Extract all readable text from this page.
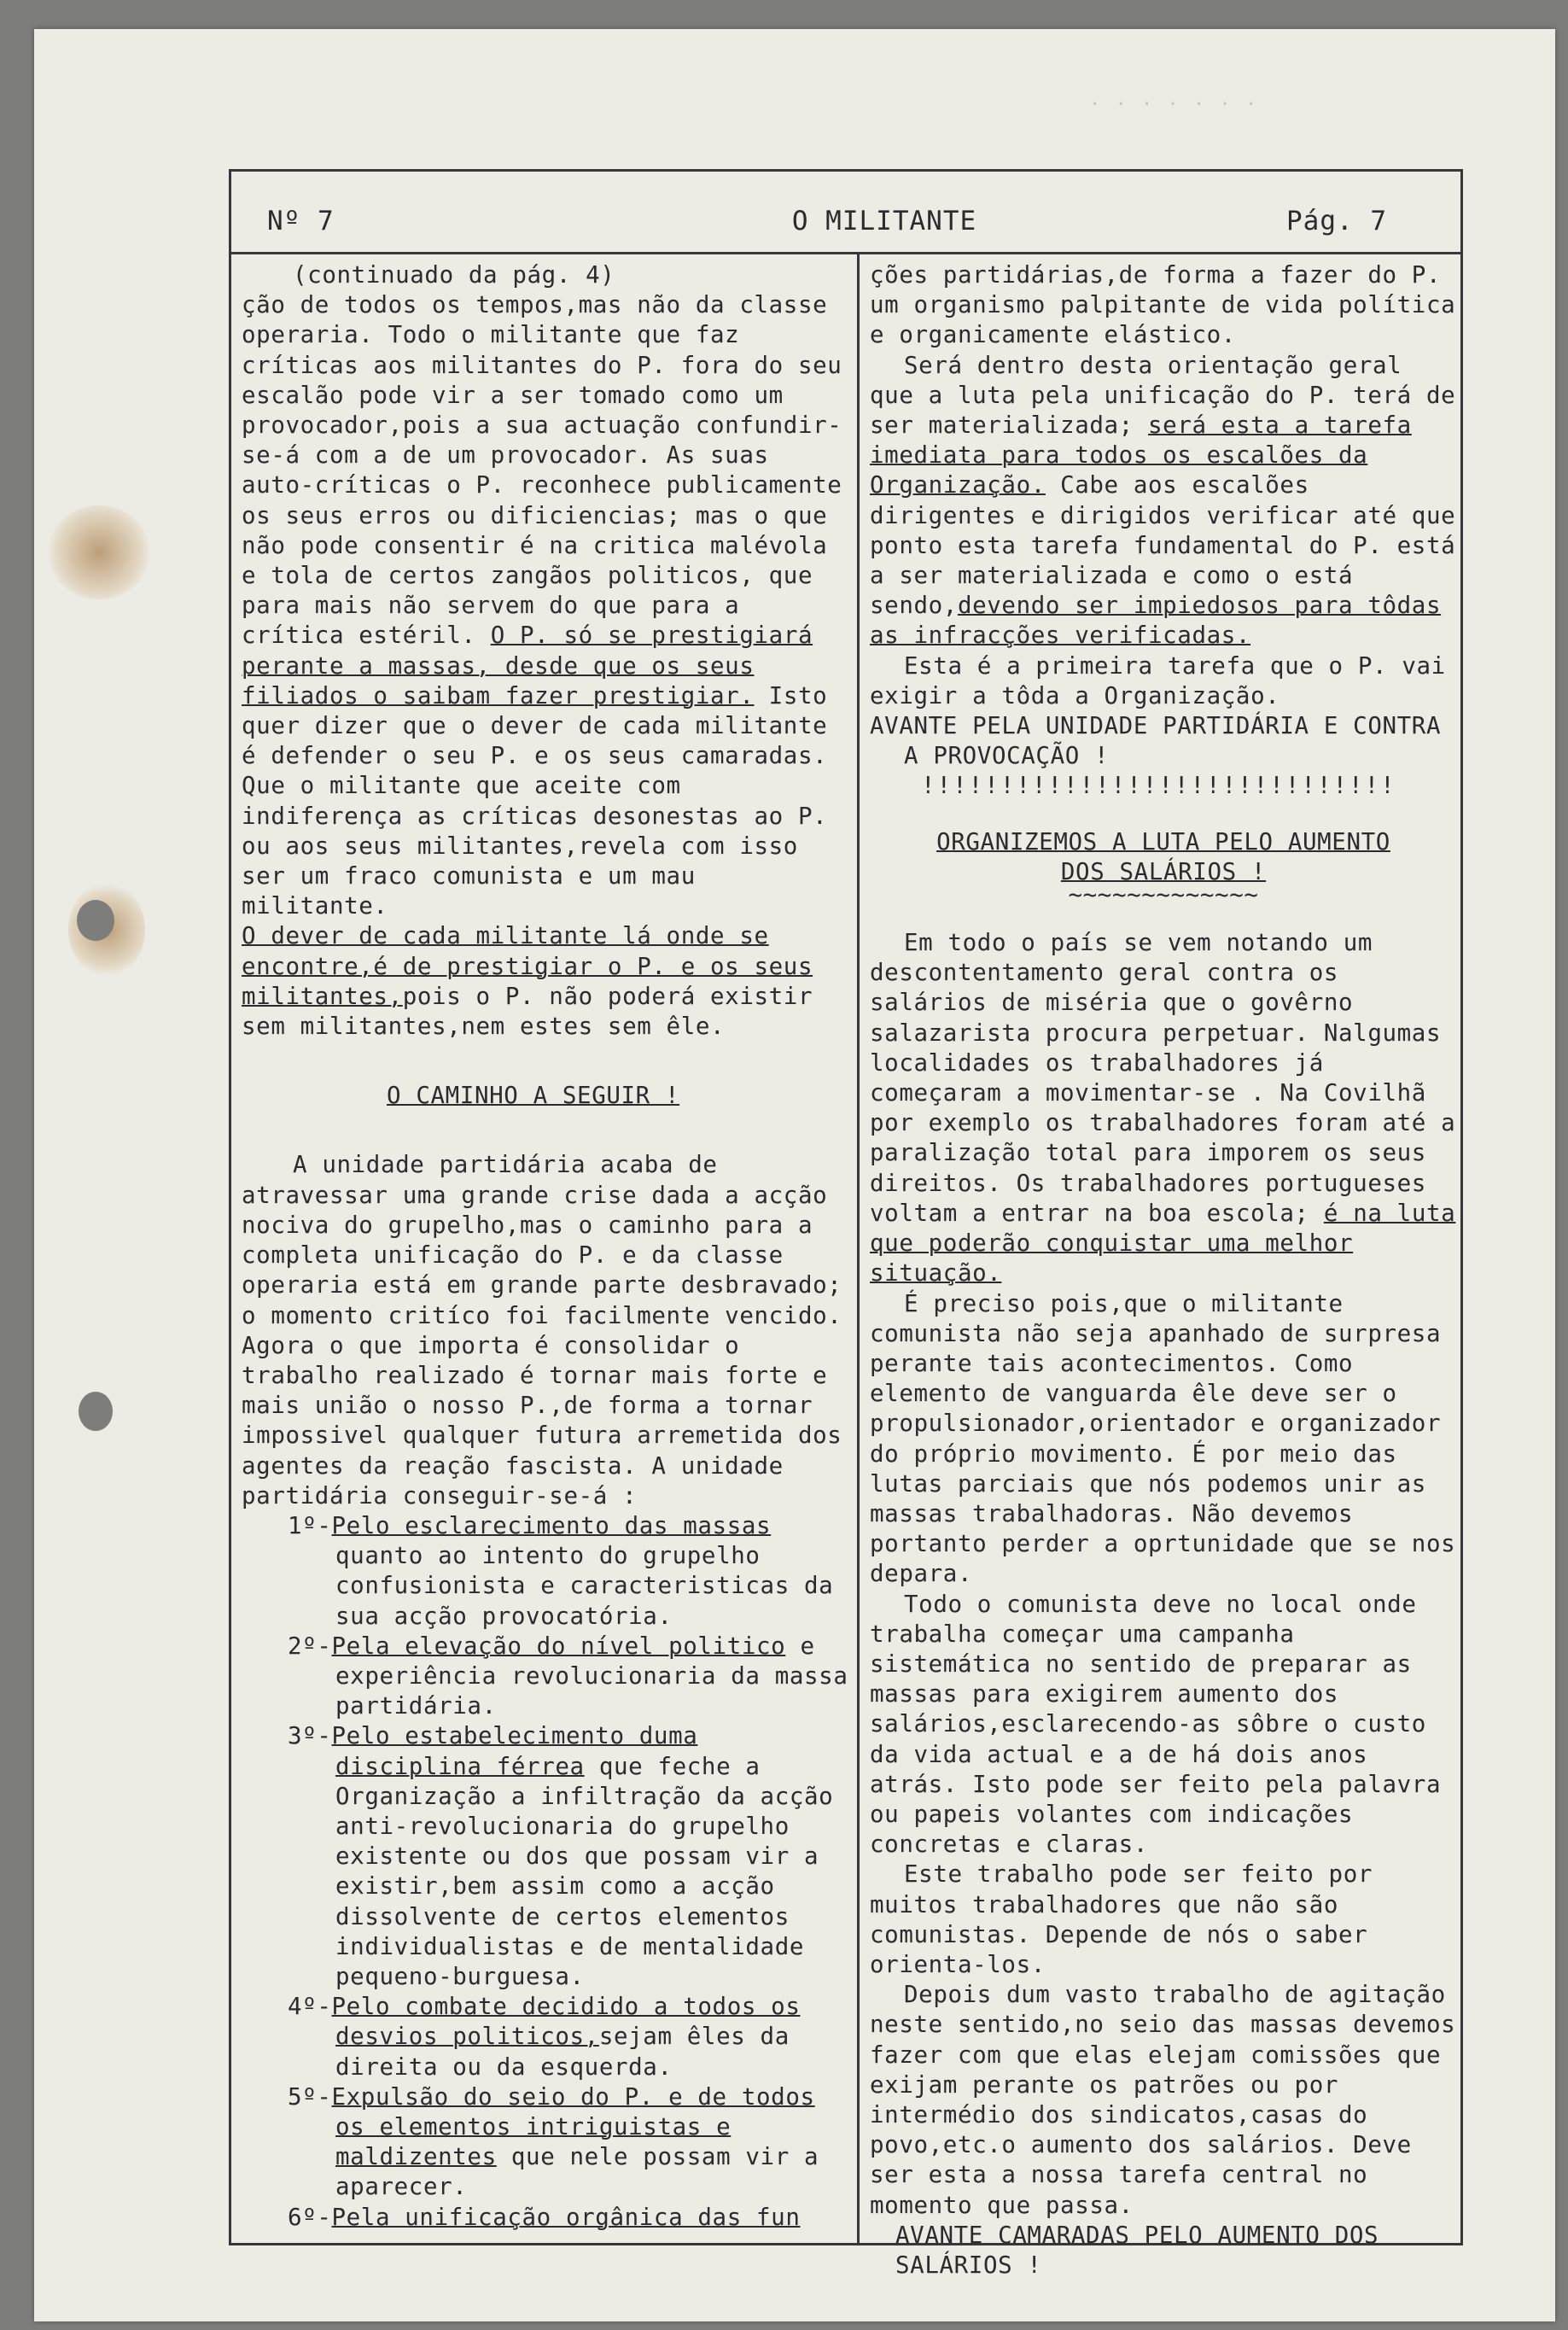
· · · · · · ·
Nº 7	O MILITANTE	Pág. 7

(continuado da pág. 4)

ção de todos os tempos,mas não da classe operaria. Todo o militante que faz críticas aos militantes do P. fora do seu escalão pode vir a ser tomado como um provocador,pois a sua actuação confundir-se-á com a de um provocador. As suas auto-críticas o P. reconhece publicamente os seus erros ou dificiencias; mas o que não pode consentir é na critica malévola e tola de certos zangãos politicos, que para mais não servem do que para a crítica estéril. O P. só se prestigiará perante a massas, desde que os seus filiados o saibam fazer prestigiar. Isto quer dizer que o dever de cada militante é defender o seu P. e os seus camaradas. Que o militante que aceite com indiferença as críticas desonestas ao P. ou aos seus militantes,revela com isso ser um fraco comunista e um mau militante.

O dever de cada militante lá onde se encontre,é de prestigiar o P. e os seus militantes,pois o P. não poderá existir sem militantes,nem estes sem êle.

O CAMINHO A SEGUIR !

A unidade partidária acaba de atravessar uma grande crise dada a acção nociva do grupelho,mas o caminho para a completa unificação do P. e da classe operaria está em grande parte desbravado; o momento critíco foi facilmente vencido. Agora o que importa é consolidar o trabalho realizado é tornar mais forte e mais união o nosso P.,de forma a tornar impossivel qualquer futura arremetida dos agentes da reação fascista. A unidade partidária conseguir-se-á :

1º-Pelo esclarecimento das massas quanto ao intento do grupelho confusionista e caracteristicas da sua acção provocatória.

2º-Pela elevação do nível politico e experiência revolucionaria da massa partidária.

3º-Pelo estabelecimento duma disciplina férrea que feche a Organização a infiltração da acção anti-revolucionaria do grupelho existente ou dos que possam vir a existir,bem assim como a acção dissolvente de certos elementos individualistas e de mentalidade pequeno-burguesa.

4º-Pelo combate decidido a todos os desvios politicos,sejam êles da direita ou da esquerda.

5º-Expulsão do seio do P. e de todos os elementos intriguistas e maldizentes que nele possam vir a aparecer.

6º-Pela unificação orgânica das fun

ções partidárias,de forma a fazer do P. um organismo palpitante de vida política e organicamente elástico.

Será dentro desta orientação geral que a luta pela unificação do P. terá de ser materializada; será esta a tarefa imediata para todos os escalões da Organização. Cabe aos escalões dirigentes e dirigidos verificar até que ponto esta tarefa fundamental do P. está a ser materializada e como o está sendo,devendo ser impiedosos para tôdas as infracções verificadas.

Esta é a primeira tarefa que o P. vai exigir a tôda a Organização.

AVANTE PELA UNIDADE PARTIDÁRIA E CONTRA A PROVOCAÇÃO !

!!!!!!!!!!!!!!!!!!!!!!!!!!!!!!

ORGANIZEMOS A LUTA PELO AUMENTO

DOS SALÁRIOS !

~~~~~~~~~~~~~

Em todo o país se vem notando um descontentamento geral contra os salários de miséria que o govêrno salazarista procura perpetuar. Nalgumas localidades os trabalhadores já começaram a movimentar-se . Na Covilhã por exemplo os trabalhadores foram até a paralização total para imporem os seus direitos. Os trabalhadores portugueses voltam a entrar na boa escola; é na luta que poderão conquistar uma melhor situação.

É preciso pois,que o militante comunista não seja apanhado de surpresa perante tais acontecimentos. Como elemento de vanguarda êle deve ser o propulsionador,orientador e organizador do próprio movimento. É por meio das lutas parciais que nós podemos unir as massas trabalhadoras. Não devemos portanto perder a oprtunidade que se nos depara.

Todo o comunista deve no local onde trabalha começar uma campanha sistemática no sentido de preparar as massas para exigirem aumento dos salários,esclarecendo-as sôbre o custo da vida actual e a de há dois anos atrás. Isto pode ser feito pela palavra ou papeis volantes com indicações concretas e claras.

Este trabalho pode ser feito por muitos trabalhadores que não são comunistas. Depende de nós o saber orienta-los.

Depois dum vasto trabalho de agitação neste sentido,no seio das massas devemos fazer com que elas elejam comissões que exijam perante os patrões ou por intermédio dos sindicatos,casas do povo,etc.o aumento dos salários. Deve ser esta a nossa tarefa central no momento que passa.

AVANTE CAMARADAS PELO AUMENTO DOS SALÁRIOS !
